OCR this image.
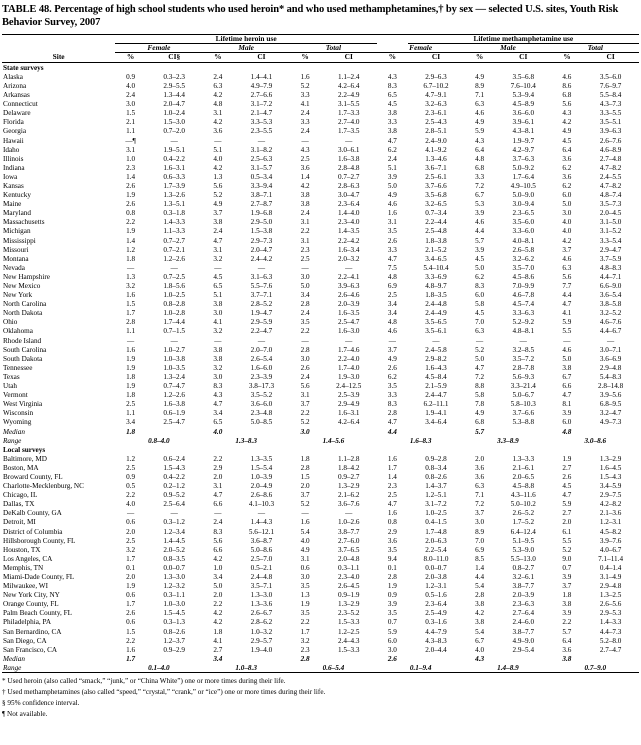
TABLE 48. Percentage of high school students who used heroin* and who used methamphetamines,† by sex — selected U.S. sites, Youth Risk Behavior Survey, 2007
	Lifetime heroin use							Lifetime methamphetamine use				
	Female		Male		Total		Female		Male		Total	
Site	%	CI§	%	CI	%	CI	%	CI	%	CI	%	CI
State surveys												
Alaska	0.9	0.3–2.3	2.4	1.4–4.1	1.6	1.1–2.4	4.3	2.9–6.3	4.9	3.5–6.8	4.6	3.5–6.0
Arizona	4.0	2.9–5.5	6.3	4.9–7.9	5.2	4.2–6.4	8.3	6.7–10.2	8.9	7.6–10.4	8.6	7.6–9.7
Arkansas	2.4	1.3–4.4	4.2	2.7–6.6	3.3	2.2–4.9	6.5	4.7–9.1	7.1	5.3–9.4	6.8	5.5–8.4
Connecticut	3.0	2.0–4.7	4.8	3.1–7.2	4.1	3.1–5.5	4.5	3.2–6.3	6.3	4.5–8.9	5.6	4.3–7.3
Delaware	1.5	1.0–2.4	3.1	2.1–4.7	2.4	1.7–3.3	3.8	2.3–6.1	4.6	3.6–6.0	4.3	3.3–5.5
Florida	2.1	1.5–3.0	4.2	3.3–5.3	3.3	2.7–4.0	3.3	2.5–4.3	4.9	3.9–6.1	4.2	3.5–5.1
Georgia	1.1	0.7–2.0	3.6	2.3–5.5	2.4	1.7–3.5	3.8	2.8–5.1	5.9	4.3–8.1	4.9	3.9–6.3
Hawaii	—¶	—	—	—	—	—	4.7	2.4–9.0	4.3	1.9–9.7	4.5	2.6–7.6
Idaho	3.1	1.9–5.1	5.1	3.1–8.2	4.3	3.0–6.1	6.2	4.1–9.2	6.4	4.2–9.7	6.4	4.6–8.9
Illinois	1.0	0.4–2.2	4.0	2.5–6.3	2.5	1.6–3.8	2.4	1.3–4.6	4.8	3.7–6.3	3.6	2.7–4.8
Indiana	2.3	1.6–3.1	4.2	3.1–5.7	3.6	2.8–4.8	5.1	3.6–7.1	6.8	5.0–9.2	6.2	4.7–8.2
Iowa	1.4	0.6–3.3	1.3	0.5–3.4	1.4	0.7–2.7	3.9	2.5–6.1	3.3	1.7–6.4	3.6	2.4–5.5
Kansas	2.6	1.7–3.9	5.6	3.3–9.4	4.2	2.8–6.3	5.0	3.7–6.6	7.2	4.9–10.5	6.2	4.7–8.2
Kentucky	1.9	1.3–2.6	5.2	3.8–7.1	3.8	3.0–4.7	4.9	3.5–6.8	6.7	5.0–9.0	6.0	4.8–7.4
Maine	2.6	1.3–5.1	4.9	2.7–8.7	3.8	2.3–6.4	4.6	3.2–6.5	5.3	3.0–9.4	5.0	3.5–7.3
Maryland	0.8	0.3–1.8	3.7	1.9–6.8	2.4	1.4–4.0	1.6	0.7–3.4	3.9	2.3–6.5	3.0	2.0–4.5
Massachusetts	2.2	1.4–3.3	3.8	2.9–5.0	3.1	2.3–4.0	3.1	2.2–4.4	4.6	3.5–6.0	4.0	3.1–5.0
Michigan	1.9	1.1–3.3	2.4	1.5–3.8	2.2	1.4–3.5	3.5	2.5–4.8	4.4	3.3–6.0	4.0	3.1–5.2
Mississippi	1.4	0.7–2.7	4.7	2.9–7.3	3.1	2.2–4.2	2.6	1.8–3.8	5.7	4.0–8.1	4.2	3.3–5.4
Missouri	1.2	0.7–2.1	3.1	2.0–4.7	2.3	1.6–3.4	3.3	2.1–5.2	3.9	2.6–5.8	3.7	2.9–4.7
Montana	1.8	1.2–2.6	3.2	2.4–4.2	2.5	2.0–3.2	4.7	3.4–6.5	4.5	3.2–6.2	4.6	3.7–5.9
Nevada	—	—	—	—	—	—	7.5	5.4–10.4	5.0	3.5–7.0	6.3	4.8–8.3
New Hampshire	1.3	0.7–2.5	4.5	3.1–6.3	3.0	2.2–4.1	4.8	3.3–6.9	6.2	4.5–8.6	5.6	4.4–7.1
New Mexico	3.2	1.8–5.6	6.5	5.5–7.6	5.0	3.9–6.3	6.9	4.8–9.7	8.3	7.0–9.9	7.7	6.6–9.0
New York	1.6	1.0–2.5	5.1	3.7–7.1	3.4	2.6–4.6	2.5	1.8–3.5	6.0	4.6–7.8	4.4	3.6–5.4
North Carolina	1.5	0.8–2.8	3.8	2.8–5.2	2.8	2.0–3.9	3.4	2.4–4.8	5.8	4.5–7.4	4.7	3.8–5.8
North Dakota	1.7	1.0–2.8	3.0	1.9–4.7	2.4	1.6–3.5	3.4	2.4–4.9	4.5	3.3–6.3	4.1	3.2–5.2
Ohio	2.8	1.7–4.4	4.1	2.9–5.9	3.5	2.5–4.7	4.8	3.5–6.5	7.0	5.2–9.2	5.9	4.6–7.6
Oklahoma	1.1	0.7–1.5	3.2	2.2–4.7	2.2	1.6–3.0	4.6	3.5–6.1	6.3	4.8–8.1	5.5	4.4–6.7
Rhode Island	—	—	—	—	—	—	—	—	—	—	—	—
South Carolina	1.6	1.0–2.7	3.8	2.0–7.0	2.8	1.7–4.6	3.7	2.4–5.8	5.2	3.2–8.5	4.6	3.0–7.1
South Dakota	1.9	1.0–3.8	3.8	2.6–5.4	3.0	2.2–4.0	4.9	2.9–8.2	5.0	3.5–7.2	5.0	3.6–6.9
Tennessee	1.9	1.0–3.5	3.2	1.6–6.0	2.6	1.7–4.0	2.6	1.6–4.3	4.7	2.8–7.8	3.8	2.9–4.8
Texas	1.8	1.3–2.4	3.0	2.3–3.9	2.4	1.9–3.0	6.2	4.5–8.4	7.2	5.6–9.3	6.7	5.4–8.3
Utah	1.9	0.7–4.7	8.3	3.8–17.3	5.6	2.4–12.5	3.5	2.1–5.9	8.8	3.3–21.4	6.6	2.8–14.8
Vermont	1.8	1.2–2.6	4.3	3.5–5.2	3.1	2.5–3.9	3.3	2.4–4.7	5.8	5.0–6.7	4.7	3.9–5.6
West Virginia	2.5	1.6–3.8	4.7	3.6–6.0	3.7	2.9–4.9	8.3	6.2–11.1	7.8	5.8–10.3	8.1	6.8–9.5
Wisconsin	1.1	0.6–1.9	3.4	2.3–4.8	2.2	1.6–3.1	2.8	1.9–4.1	4.9	3.7–6.6	3.9	3.2–4.7
Wyoming	3.4	2.5–4.7	6.5	5.0–8.5	5.2	4.2–6.4	4.7	3.4–6.4	6.8	5.3–8.8	6.0	4.9–7.3
Median	1.8		4.0		3.0		4.4		5.7		4.8	
Range	0.8–4.0		1.3–8.3		1.4–5.6		1.6–8.3		3.3–8.9		3.0–8.6	
Local surveys												
Baltimore, MD	1.2	0.6–2.4	2.2	1.3–3.5	1.8	1.1–2.8	1.6	0.9–2.8	2.0	1.3–3.3	1.9	1.3–2.9
Boston, MA	2.5	1.5–4.3	2.9	1.5–5.4	2.8	1.8–4.2	1.7	0.8–3.4	3.6	2.1–6.1	2.7	1.6–4.5
Broward County, FL	0.9	0.4–2.2	2.0	1.0–3.9	1.5	0.9–2.7	1.4	0.8–2.6	3.6	2.0–6.5	2.6	1.5–4.3
Charlotte-Mecklenburg, NC	0.5	0.2–1.2	3.1	2.0–4.9	2.0	1.3–2.9	2.3	1.4–3.7	6.3	4.5–8.8	4.5	3.4–5.9
Chicago, IL	2.2	0.9–5.2	4.7	2.6–8.6	3.7	2.1–6.2	2.5	1.2–5.1	7.1	4.3–11.6	4.7	2.9–7.5
Dallas, TX	4.0	2.5–6.4	6.6	4.1–10.3	5.2	3.6–7.6	4.7	3.1–7.2	7.2	5.0–10.2	5.9	4.2–8.2
DeKalb County, GA	—	—	—	—	—	—	1.6	1.0–2.5	3.7	2.6–5.2	2.7	2.1–3.6
Detroit, MI	0.6	0.3–1.2	2.4	1.4–4.3	1.6	1.0–2.6	0.8	0.4–1.5	3.0	1.7–5.2	2.0	1.2–3.1
District of Columbia	2.0	1.2–3.4	8.3	5.6–12.1	5.4	3.8–7.7	2.9	1.7–4.8	8.9	6.4–12.4	6.1	4.5–8.2
Hillsborough County, FL	2.5	1.4–4.5	5.6	3.6–8.7	4.0	2.7–6.0	3.6	2.0–6.3	7.0	5.1–9.5	5.5	3.9–7.6
Houston, TX	3.2	2.0–5.2	6.6	5.0–8.6	4.9	3.7–6.5	3.5	2.2–5.4	6.9	5.3–9.0	5.2	4.0–6.7
Los Angeles, CA	1.7	0.8–3.5	4.2	2.5–7.0	3.1	2.0–4.8	9.4	8.0–11.0	8.5	5.5–13.0	9.0	7.1–11.4
Memphis, TN	0.1	0.0–0.7	1.0	0.5–2.1	0.6	0.3–1.1	0.1	0.0–0.7	1.4	0.8–2.7	0.7	0.4–1.4
Miami-Dade County, FL	2.0	1.3–3.0	3.4	2.4–4.8	3.0	2.3–4.0	2.8	2.0–3.8	4.4	3.2–6.1	3.9	3.1–4.9
Milwaukee, WI	1.9	1.2–3.2	5.0	3.5–7.1	3.5	2.6–4.5	1.9	1.2–3.1	5.4	3.8–7.7	3.7	2.9–4.8
New York City, NY	0.6	0.3–1.1	2.0	1.3–3.0	1.3	0.9–1.9	0.9	0.5–1.6	2.8	2.0–3.9	1.8	1.3–2.5
Orange County, FL	1.7	1.0–3.0	2.2	1.3–3.6	1.9	1.3–2.9	3.9	2.3–6.4	3.8	2.3–6.3	3.8	2.6–5.6
Palm Beach County, FL	2.6	1.5–4.5	4.2	2.6–6.7	3.5	2.3–5.2	3.5	2.5–4.9	4.2	2.7–6.4	3.9	2.9–5.3
Philadelphia, PA	0.6	0.3–1.3	4.2	2.8–6.2	2.2	1.5–3.3	0.7	0.3–1.6	3.8	2.4–6.0	2.2	1.4–3.3
San Bernardino, CA	1.5	0.8–2.6	1.8	1.0–3.2	1.7	1.2–2.5	5.9	4.4–7.9	5.4	3.8–7.7	5.7	4.4–7.3
San Diego, CA	2.2	1.2–3.7	4.1	2.9–5.7	3.2	2.4–4.3	6.0	4.3–8.3	6.7	4.9–9.0	6.4	5.2–8.0
San Francisco, CA	1.6	0.9–2.9	2.7	1.9–4.0	2.3	1.5–3.3	3.0	2.0–4.4	4.0	2.9–5.4	3.6	2.7–4.7
Median	1.7		3.4		2.8		2.6		4.3		3.8	
Range	0.1–4.0		1.0–8.3		0.6–5.4		0.1–9.4		1.4–8.9		0.7–9.0	

* Used heroin (also called “smack,” “junk,” or “China White”) one or more times during their life.
† Used methamphetamines (also called “speed,” “crystal,” “crank,” or “ice”) one or more times during their life.
§ 95% confidence interval.
¶ Not available.
